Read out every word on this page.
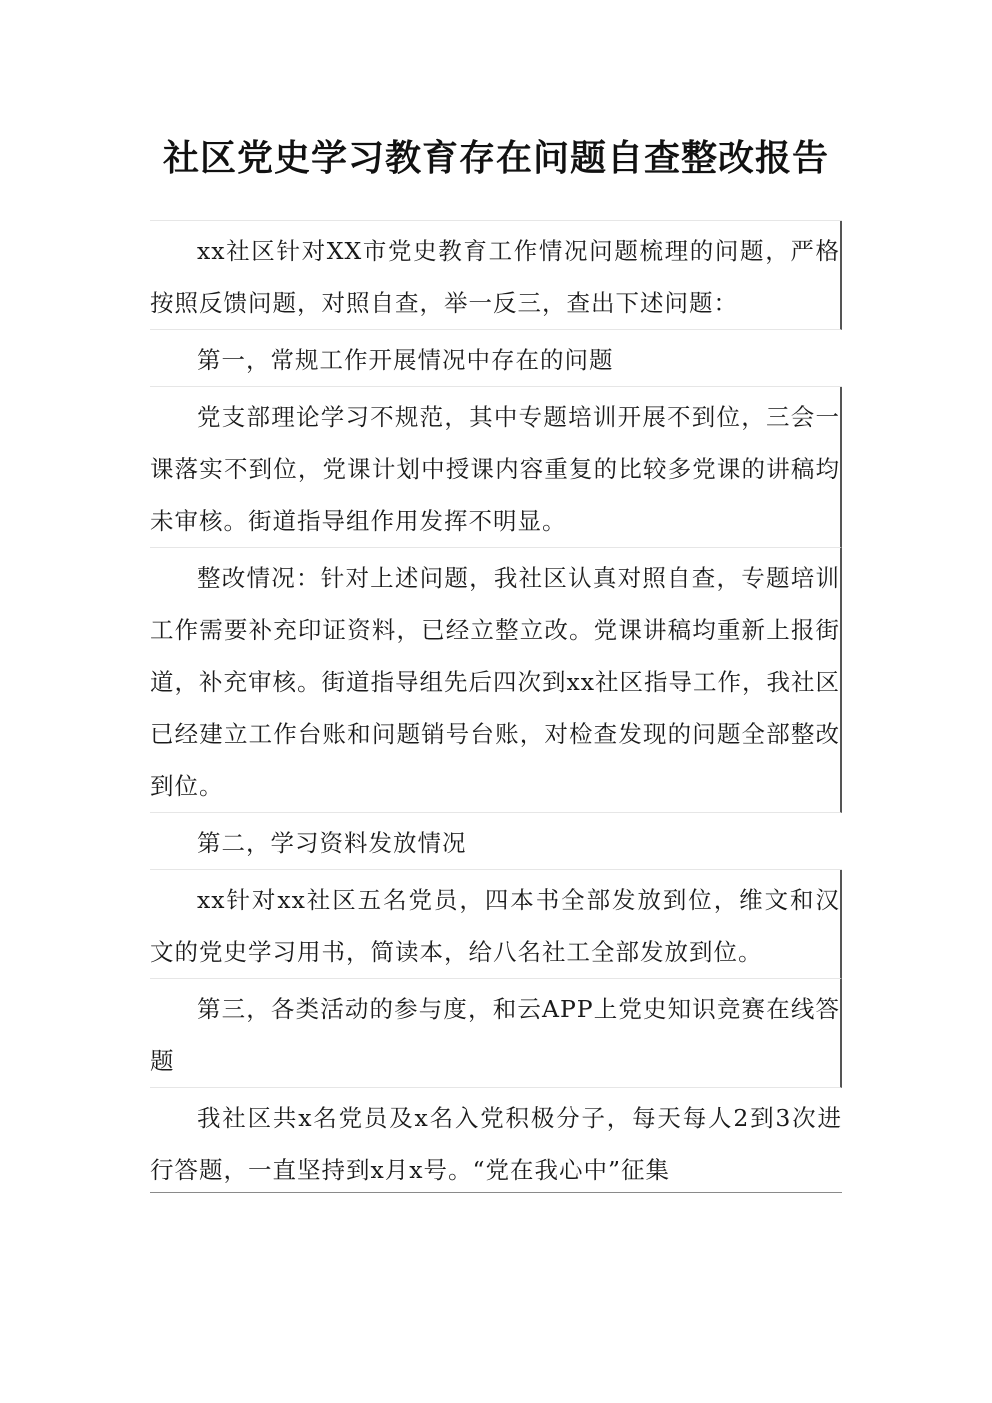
社区党史学习教育存在问题自查整改报告

xx社区针对XX市党史教育工作情况问题梳理的问题，严格按照反馈问题，对照自查，举一反三，查出下述问题：

第一，常规工作开展情况中存在的问题

党支部理论学习不规范，其中专题培训开展不到位，三会一课落实不到位，党课计划中授课内容重复的比较多党课的讲稿均未审核。街道指导组作用发挥不明显。

整改情况：针对上述问题，我社区认真对照自查，专题培训工作需要补充印证资料，已经立整立改。党课讲稿均重新上报街道，补充审核。街道指导组先后四次到xx社区指导工作，我社区已经建立工作台账和问题销号台账，对检查发现的问题全部整改到位。

第二，学习资料发放情况

xx针对xx社区五名党员，四本书全部发放到位，维文和汉文的党史学习用书，简读本，给八名社工全部发放到位。

第三，各类活动的参与度，和云APP上党史知识竞赛在线答题

我社区共x名党员及x名入党积极分子，每天每人2到3次进行答题，一直坚持到x月x号。“党在我心中”征集
